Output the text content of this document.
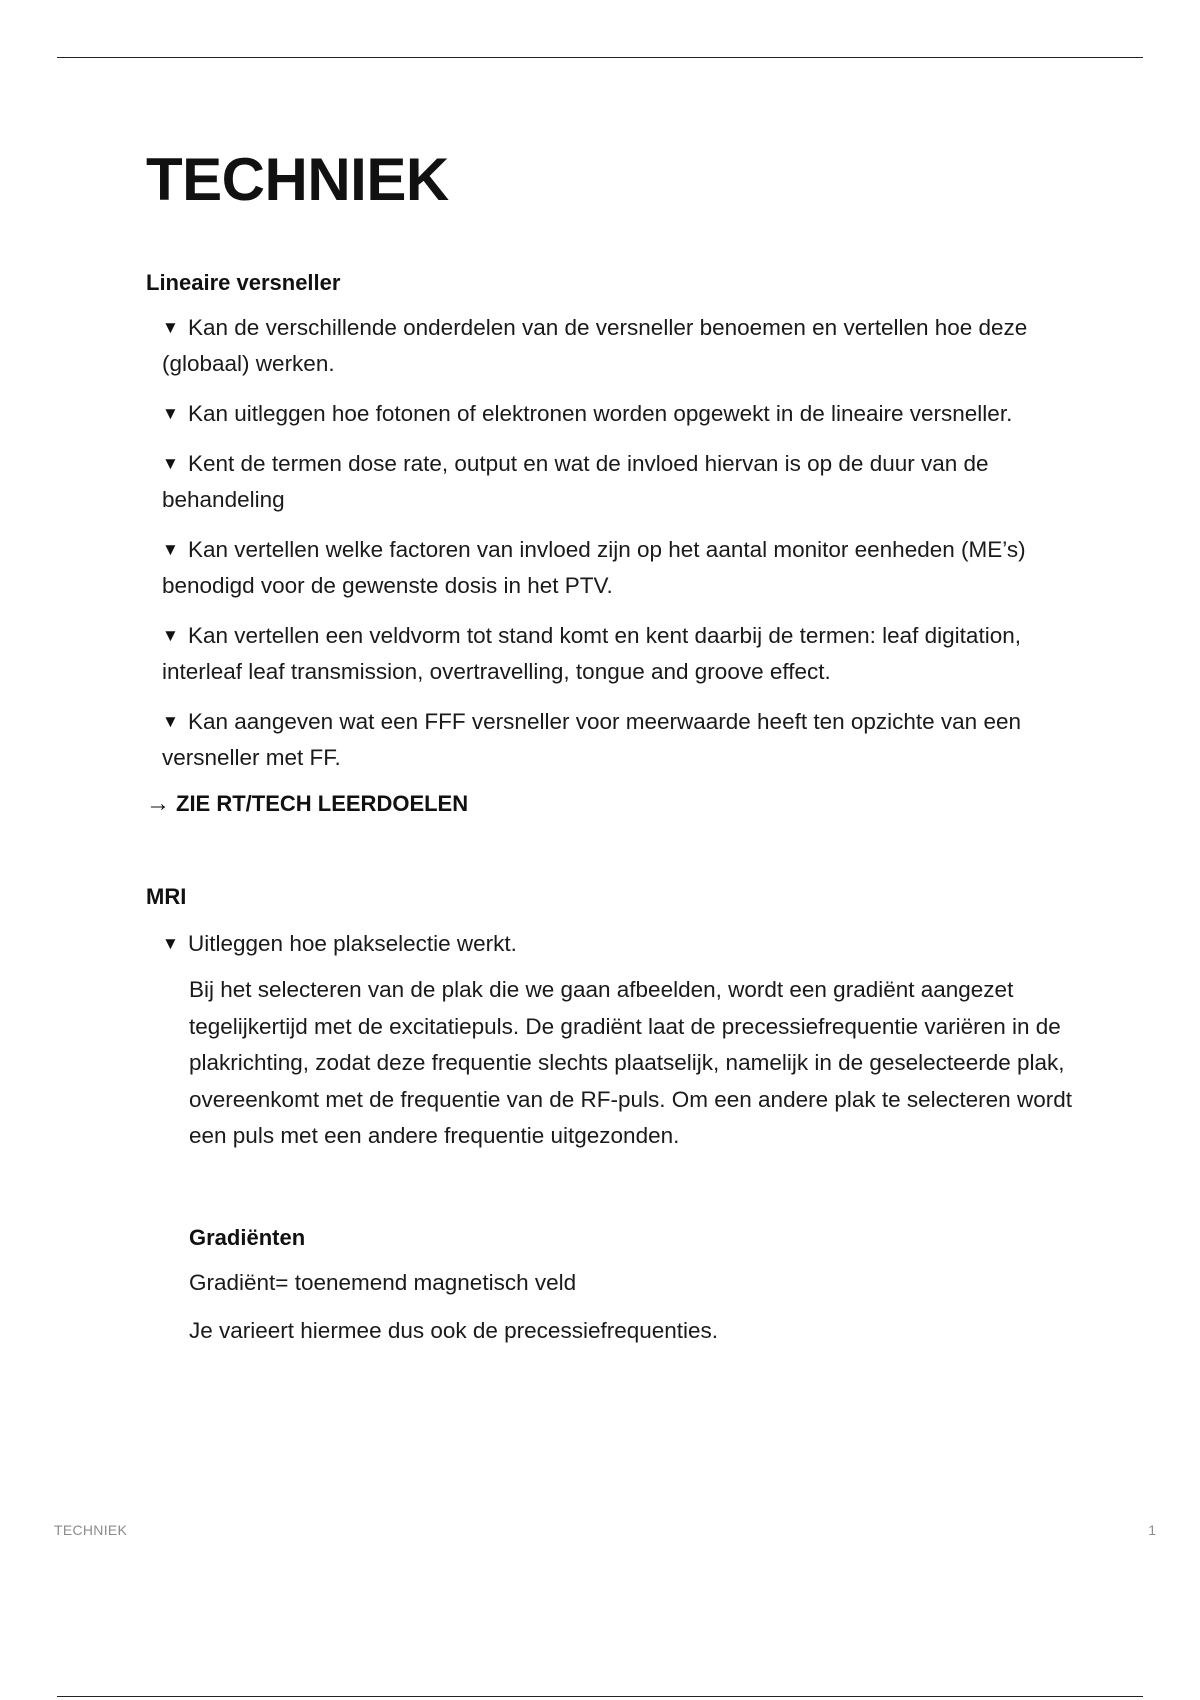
TECHNIEK
Lineaire versneller
▼ Kan de verschillende onderdelen van de versneller benoemen en vertellen hoe deze (globaal) werken.
▼ Kan uitleggen hoe fotonen of elektronen worden opgewekt in de lineaire versneller.
▼ Kent de termen dose rate, output en wat de invloed hiervan is op de duur van de behandeling
▼ Kan vertellen welke factoren van invloed zijn op het aantal monitor eenheden (ME’s) benodigd voor de gewenste dosis in het PTV.
▼ Kan vertellen een veldvorm tot stand komt en kent daarbij de termen: leaf digitation, interleaf leaf transmission, overtravelling, tongue and groove effect.
▼ Kan aangeven wat een FFF versneller voor meerwaarde heeft ten opzichte van een versneller met FF.
→ ZIE RT/TECH LEERDOELEN
MRI
▼ Uitleggen hoe plakselectie werkt.
Bij het selecteren van de plak die we gaan afbeelden, wordt een gradiënt aangezet tegelijkertijd met de excitatiepuls. De gradiënt laat de precessiefrequentie variëren in de plakrichting, zodat deze frequentie slechts plaatselijk, namelijk in de geselecteerde plak, overeenkomt met de frequentie van de RF-puls. Om een andere plak te selecteren wordt een puls met een andere frequentie uitgezonden.
Gradiënten
Gradiënt= toenemend magnetisch veld
Je varieert hiermee dus ook de precessiefrequenties.
TECHNIEK	1
